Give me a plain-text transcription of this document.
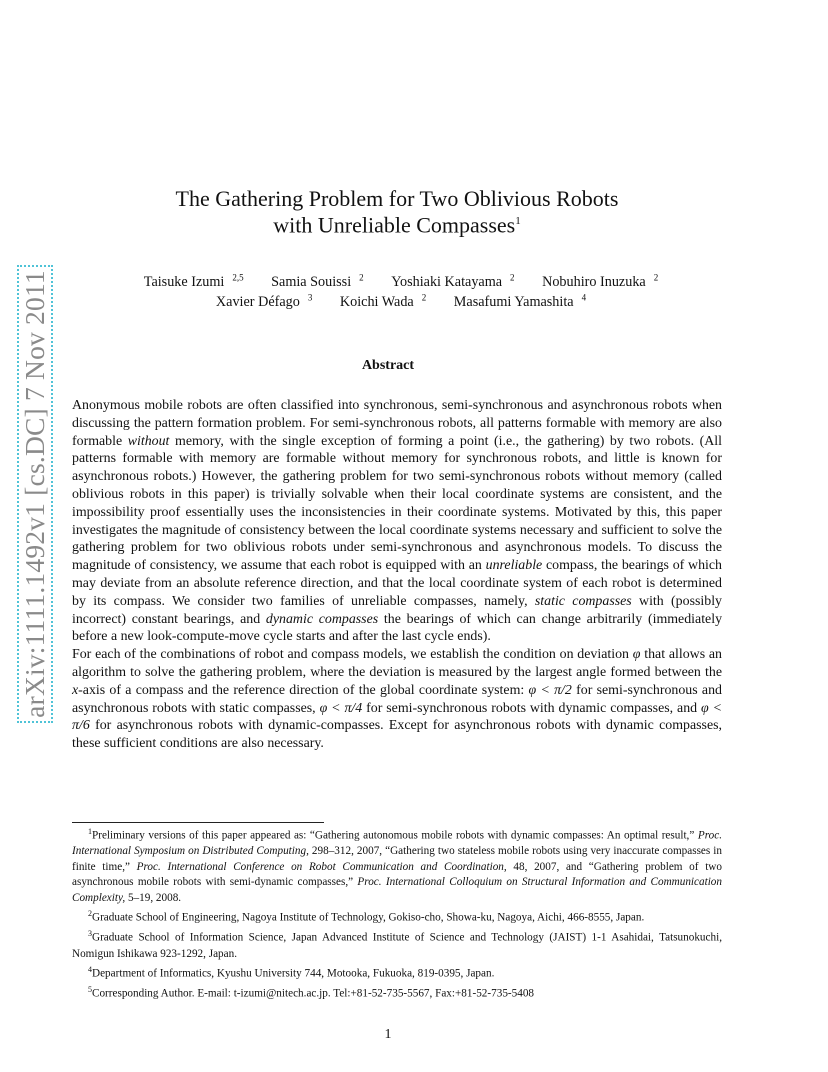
arXiv:1111.1492v1 [cs.DC] 7 Nov 2011
The Gathering Problem for Two Oblivious Robots
with Unreliable Compasses$^1$
Taisuke Izumi $^{2,5}$ Samia Souissi $^2$ Yoshiaki Katayama $^2$ Nobuhiro Inuzuka $^2$
Xavier Défago $^3$ Koichi Wada $^2$ Masafumi Yamashita $^4$
Abstract

Anonymous mobile robots are often classified into synchronous, semi-synchronous and asynchronous robots when discussing the pattern formation problem. For semi-synchronous robots, all patterns formable with memory are also formable without memory, with the single exception of forming a point (i.e., the gathering) by two robots. (All patterns formable with memory are formable without memory for synchronous robots, and little is known for asynchronous robots.) However, the gathering problem for two semi-synchronous robots without memory (called oblivious robots in this paper) is trivially solvable when their local coordinate systems are consistent, and the impossibility proof essentially uses the inconsistencies in their coordinate systems. Motivated by this, this paper investigates the magnitude of consistency between the local coordinate systems necessary and sufficient to solve the gathering problem for two oblivious robots under semi-synchronous and asynchronous models. To discuss the magnitude of consistency, we assume that each robot is equipped with an unreliable compass, the bearings of which may deviate from an absolute reference direction, and that the local coordinate system of each robot is determined by its compass. We consider two families of unreliable compasses, namely, static compasses with (possibly incorrect) constant bearings, and dynamic compasses the bearings of which can change arbitrarily (immediately before a new look-compute-move cycle starts and after the last cycle ends).

For each of the combinations of robot and compass models, we establish the condition on deviation φ that allows an algorithm to solve the gathering problem, where the deviation is measured by the largest angle formed between the x-axis of a compass and the reference direction of the global coordinate system: φ < π/2 for semi-synchronous and asynchronous robots with static compasses, φ < π/4 for semi-synchronous robots with dynamic compasses, and φ < π/6 for asynchronous robots with dynamic-compasses. Except for asynchronous robots with dynamic compasses, these sufficient conditions are also necessary.

$^1$Preliminary versions of this paper appeared as: “Gathering autonomous mobile robots with dynamic compasses: An optimal result,” Proc. International Symposium on Distributed Computing, 298–312, 2007, “Gathering two stateless mobile robots using very inaccurate compasses in finite time,” Proc. International Conference on Robot Communication and Coordination, 48, 2007, and “Gathering problem of two asynchronous mobile robots with semi-dynamic compasses,” Proc. International Colloquium on Structural Information and Communication Complexity, 5–19, 2008.

$^2$Graduate School of Engineering, Nagoya Institute of Technology, Gokiso-cho, Showa-ku, Nagoya, Aichi, 466-8555, Japan.

$^3$Graduate School of Information Science, Japan Advanced Institute of Science and Technology (JAIST) 1-1 Asahidai, Tatsunokuchi, Nomigun Ishikawa 923-1292, Japan.

$^4$Department of Informatics, Kyushu University 744, Motooka, Fukuoka, 819-0395, Japan.

$^5$Corresponding Author. E-mail: t-izumi@nitech.ac.jp. Tel:+81-52-735-5567, Fax:+81-52-735-5408

1
